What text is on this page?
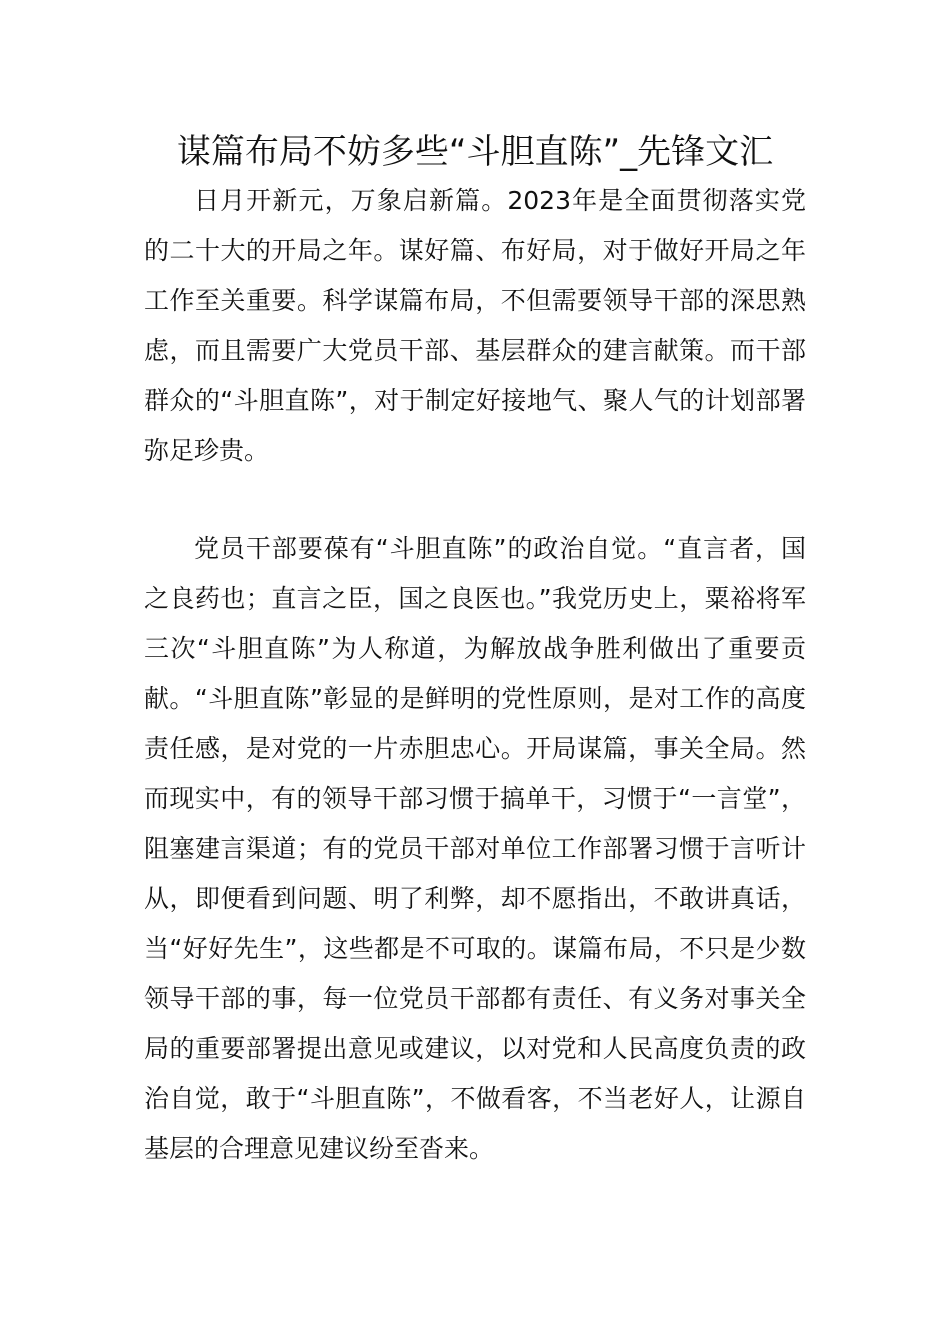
谋篇布局不妨多些“斗胆直陈”_先锋文汇

日月开新元，万象启新篇。2023年是全面贯彻落实党的二十大的开局之年。谋好篇、布好局，对于做好开局之年工作至关重要。科学谋篇布局，不但需要领导干部的深思熟虑，而且需要广大党员干部、基层群众的建言献策。而干部群众的“斗胆直陈”，对于制定好接地气、聚人气的计划部署弥足珍贵。

党员干部要葆有“斗胆直陈”的政治自觉。“直言者，国之良药也；直言之臣，国之良医也。”我党历史上，粟裕将军三次“斗胆直陈”为人称道，为解放战争胜利做出了重要贡献。“斗胆直陈”彰显的是鲜明的党性原则，是对工作的高度责任感，是对党的一片赤胆忠心。开局谋篇，事关全局。然而现实中，有的领导干部习惯于搞单干，习惯于“一言堂”，阻塞建言渠道；有的党员干部对单位工作部署习惯于言听计从，即便看到问题、明了利弊，却不愿指出，不敢讲真话，当“好好先生”，这些都是不可取的。谋篇布局，不只是少数领导干部的事，每一位党员干部都有责任、有义务对事关全局的重要部署提出意见或建议，以对党和人民高度负责的政治自觉，敢于“斗胆直陈”，不做看客，不当老好人，让源自基层的合理意见建议纷至沓来。
